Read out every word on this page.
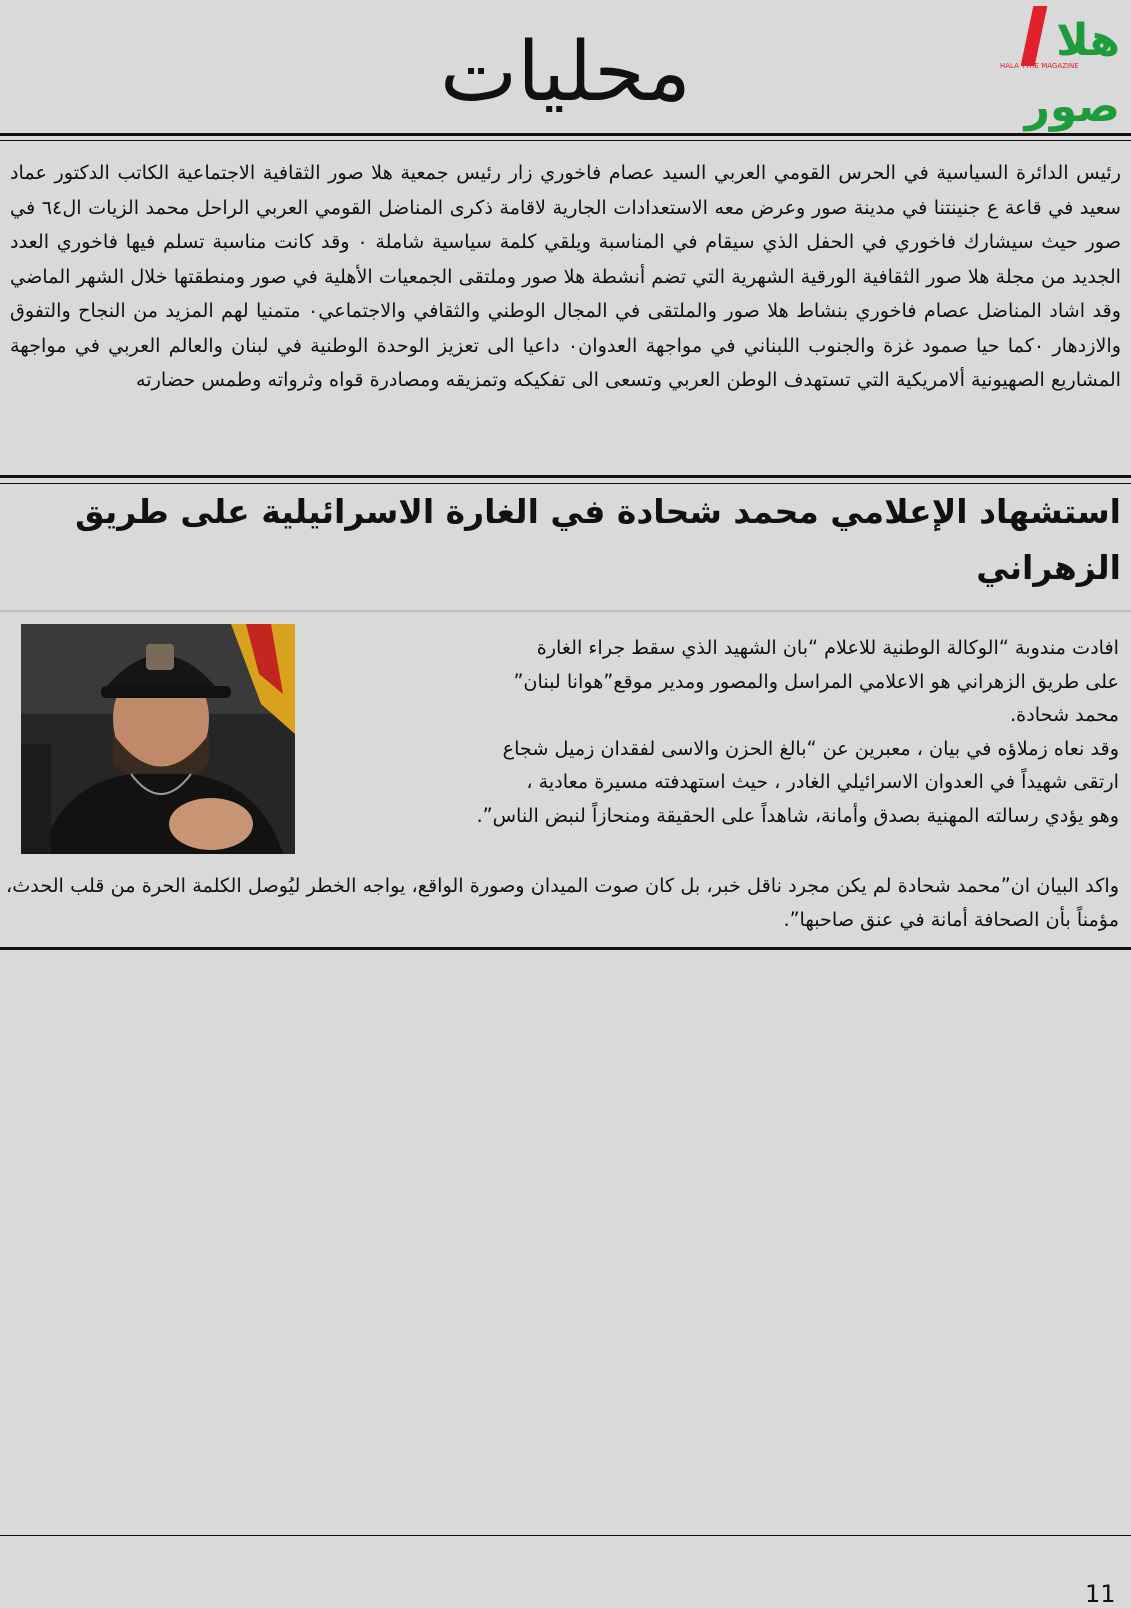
هلا صور
HALA TYRE MAGAZINE
محليات
رئيس الدائرة السياسية في الحرس القومي العربي السيد عصام فاخوري زار رئيس جمعية هلا صور الثقافية الاجتماعية الكاتب الدكتور عماد سعيد في قاعة ع جنينتنا في مدينة صور وعرض معه الاستعدادات الجارية لاقامة ذكرى المناضل القومي العربي الراحل محمد الزيات ال٦٤ في صور حيث سيشارك فاخوري في الحفل الذي سيقام في المناسبة ويلقي كلمة سياسية شاملة ٠ وقد كانت مناسبة تسلم فيها فاخوري العدد الجديد من مجلة هلا صور الثقافية الورقية الشهرية التي تضم أنشطة هلا صور وملتقى الجمعيات الأهلية في صور ومنطقتها خلال الشهر الماضي وقد اشاد المناضل عصام فاخوري بنشاط هلا صور والملتقى في المجال الوطني والثقافي والاجتماعي٠ متمنيا لهم المزيد من النجاح والتفوق والازدهار ٠كما حيا صمود غزة والجنوب اللبناني في مواجهة العدوان٠ داعيا الى تعزيز الوحدة الوطنية في لبنان والعالم العربي في مواجهة المشاريع الصهيونية ألامريكية التي تستهدف الوطن العربي وتسعى الى تفكيكه وتمزيقه ومصادرة قواه وثرواته وطمس حضارته
استشهاد الإعلامي محمد شحادة في الغارة الاسرائيلية على طريق الزهراني
افادت مندوبة “الوكالة الوطنية للاعلام “بان الشهيد الذي سقط جراء الغارة
على طريق الزهراني هو الاعلامي المراسل والمصور ومدير موقع”هوانا لبنان”
محمد شحادة.
وقد نعاه زملاؤه في بيان ، معبرين عن “بالغ الحزن والاسى لفقدان زميل شجاع
ارتقى شهيداً في العدوان الاسرائيلي الغادر ، حيث استهدفته مسيرة معادية ،
وهو يؤدي رسالته المهنية بصدق وأمانة، شاهداً على الحقيقة ومنحازاً لنبض الناس”.
واكد البيان ان”محمد شحادة لم يكن مجرد ناقل خبر، بل كان صوت الميدان وصورة الواقع، يواجه الخطر ليُوصل الكلمة الحرة من قلب الحدث، مؤمناً بأن الصحافة أمانة في عنق صاحبها”.
11
